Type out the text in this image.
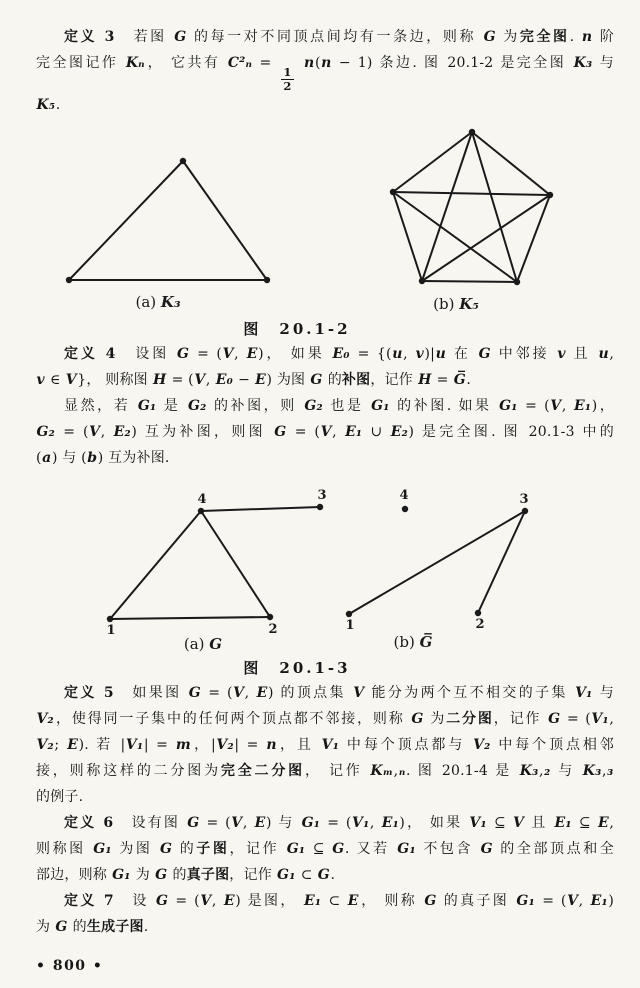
定义 3　若图 G 的每一对不同顶点间均有一条边，则称 G 为完全图. n 阶
完全图记作 Kₙ， 它共有 C²ₙ =
$\frac{1}{2}$
n(n − 1) 条边. 图 20.1-2 是完全图 K₃ 与
K₅.
(a) K₃	(b) K₅
图　20.1-2
定义 4　设图 G = (V, E)， 如果 E₀ = {(u, v)|u 在 G 中邻接 v 且 u,
v ∈ V}， 则称图 H = (V, E₀ − E) 为图 G 的补图，记作 H = G̅.
显然，若 G₁ 是 G₂ 的补图，则 G₂ 也是 G₁ 的补图. 如果 G₁ = (V, E₁)，
G₂ = (V, E₂) 互为补图，则图 G = (V, E₁ ∪ E₂) 是完全图. 图 20.1-3 中的
(a) 与 (b) 互为补图.
4	3
1	2
(a) G
4	3
1	2
(b) G̅
图　20.1-3
定义 5　如果图 G = (V, E) 的顶点集 V 能分为两个互不相交的子集 V₁ 与
V₂，使得同一子集中的任何两个顶点都不邻接，则称 G 为二分图，记作 G = (V₁,
V₂; E). 若 |V₁| = m，|V₂| = n，且 V₁ 中每个顶点都与 V₂ 中每个顶点相邻
接，则称这样的二分图为完全二分图， 记作 Kₘ,ₙ. 图 20.1-4 是 K₃,₂ 与 K₃,₃
的例子.
定义 6　设有图 G = (V, E) 与 G₁ = (V₁, E₁)， 如果 V₁ ⊆ V 且 E₁ ⊆ E,
则称图 G₁ 为图 G 的子图，记作 G₁ ⊆ G. 又若 G₁ 不包含 G 的全部顶点和全
部边，则称 G₁ 为 G 的真子图，记作 G₁ ⊂ G.
定义 7　设 G = (V, E) 是图， E₁ ⊂ E， 则称 G 的真子图 G₁ = (V, E₁)
为 G 的生成子图.
• 800 •
